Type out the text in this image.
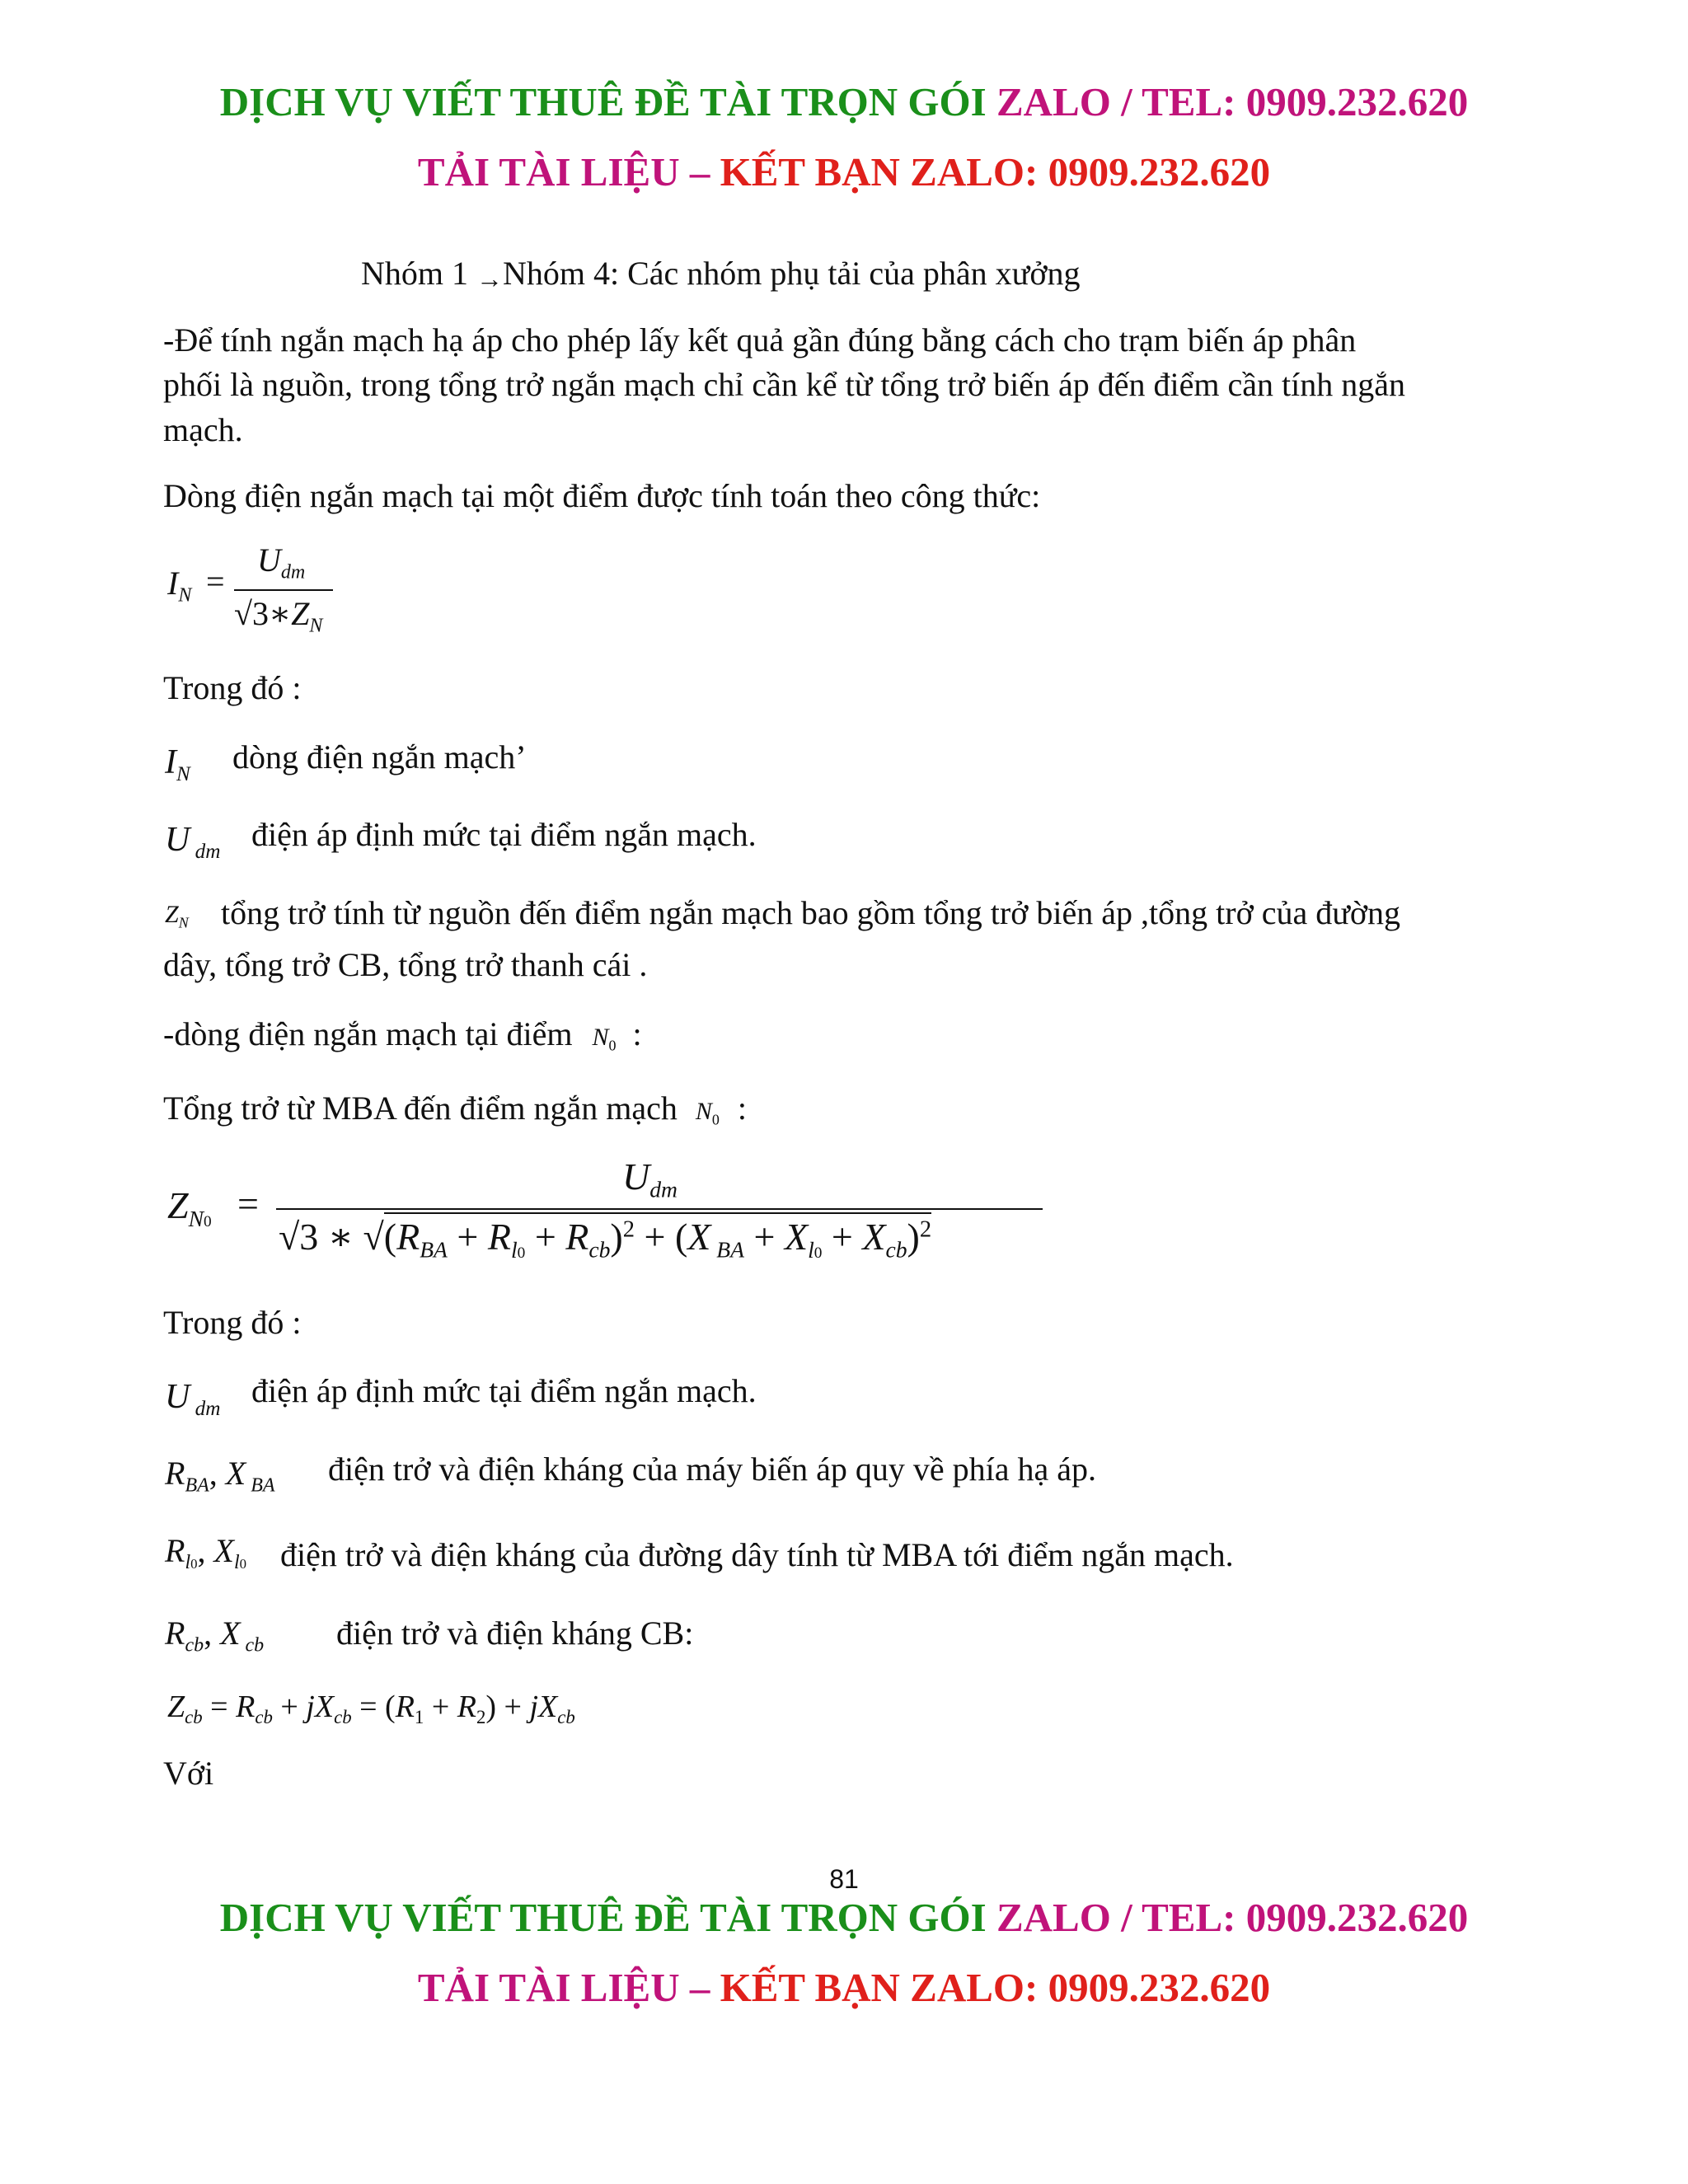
DỊCH VỤ VIẾT THUÊ ĐỀ TÀI TRỌN GÓI ZALO / TEL: 0909.232.620
TẢI TÀI LIỆU – KẾT BẠN ZALO: 0909.232.620
Nhóm 1 →Nhóm 4: Các nhóm phụ tải của phân xưởng
-Để tính ngắn mạch hạ áp cho phép lấy kết quả gần đúng bằng cách cho trạm biến áp phân
phối là nguồn, trong tổng trở ngắn mạch chỉ cần kể từ tổng trở biến áp đến điểm cần tính ngắn
mạch.
Dòng điện ngắn mạch tại một điểm được tính toán theo công thức:
$I_N$ =
$U_{dm}$
$√3∗Z_N$
Trong đó :
$I_N$ dòng điện ngắn mạch’
U $_{dm}$ điện áp định mức tại điểm ngắn mạch.
$Z_N$ tổng trở tính từ nguồn đến điểm ngắn mạch bao gồm tổng trở biến áp ,tổng trở của đường
dây, tổng trở CB, tổng trở thanh cái .
-dòng điện ngắn mạch tại điểm $N_0$ :
Tổng trở từ MBA đến điểm ngắn mạch $N_0$ :
$Z_{N0}$ =
$U_{dm}$
√3 ∗ $√(R_{BA} + R_{l0} + R_{cb})^2 + (X$ $_{BA} + X_{l0} + X_{cb})^2$
Trong đó :
U $_{dm}$ điện áp định mức tại điểm ngắn mạch.
$R_{BA}$, X $_{BA}$ điện trở và điện kháng của máy biến áp quy về phía hạ áp.
$R_{l0}$, $X_{l0}$ điện trở và điện kháng của đường dây tính từ MBA tới điểm ngắn mạch.
$R_{cb}$, X $_{cb}$ điện trở và điện kháng CB:
$Z_{cb} = R_{cb} + jX_{cb} = (R_1 + R_2) + jX_{cb}$
Với
81
DỊCH VỤ VIẾT THUÊ ĐỀ TÀI TRỌN GÓI ZALO / TEL: 0909.232.620
TẢI TÀI LIỆU – KẾT BẠN ZALO: 0909.232.620
